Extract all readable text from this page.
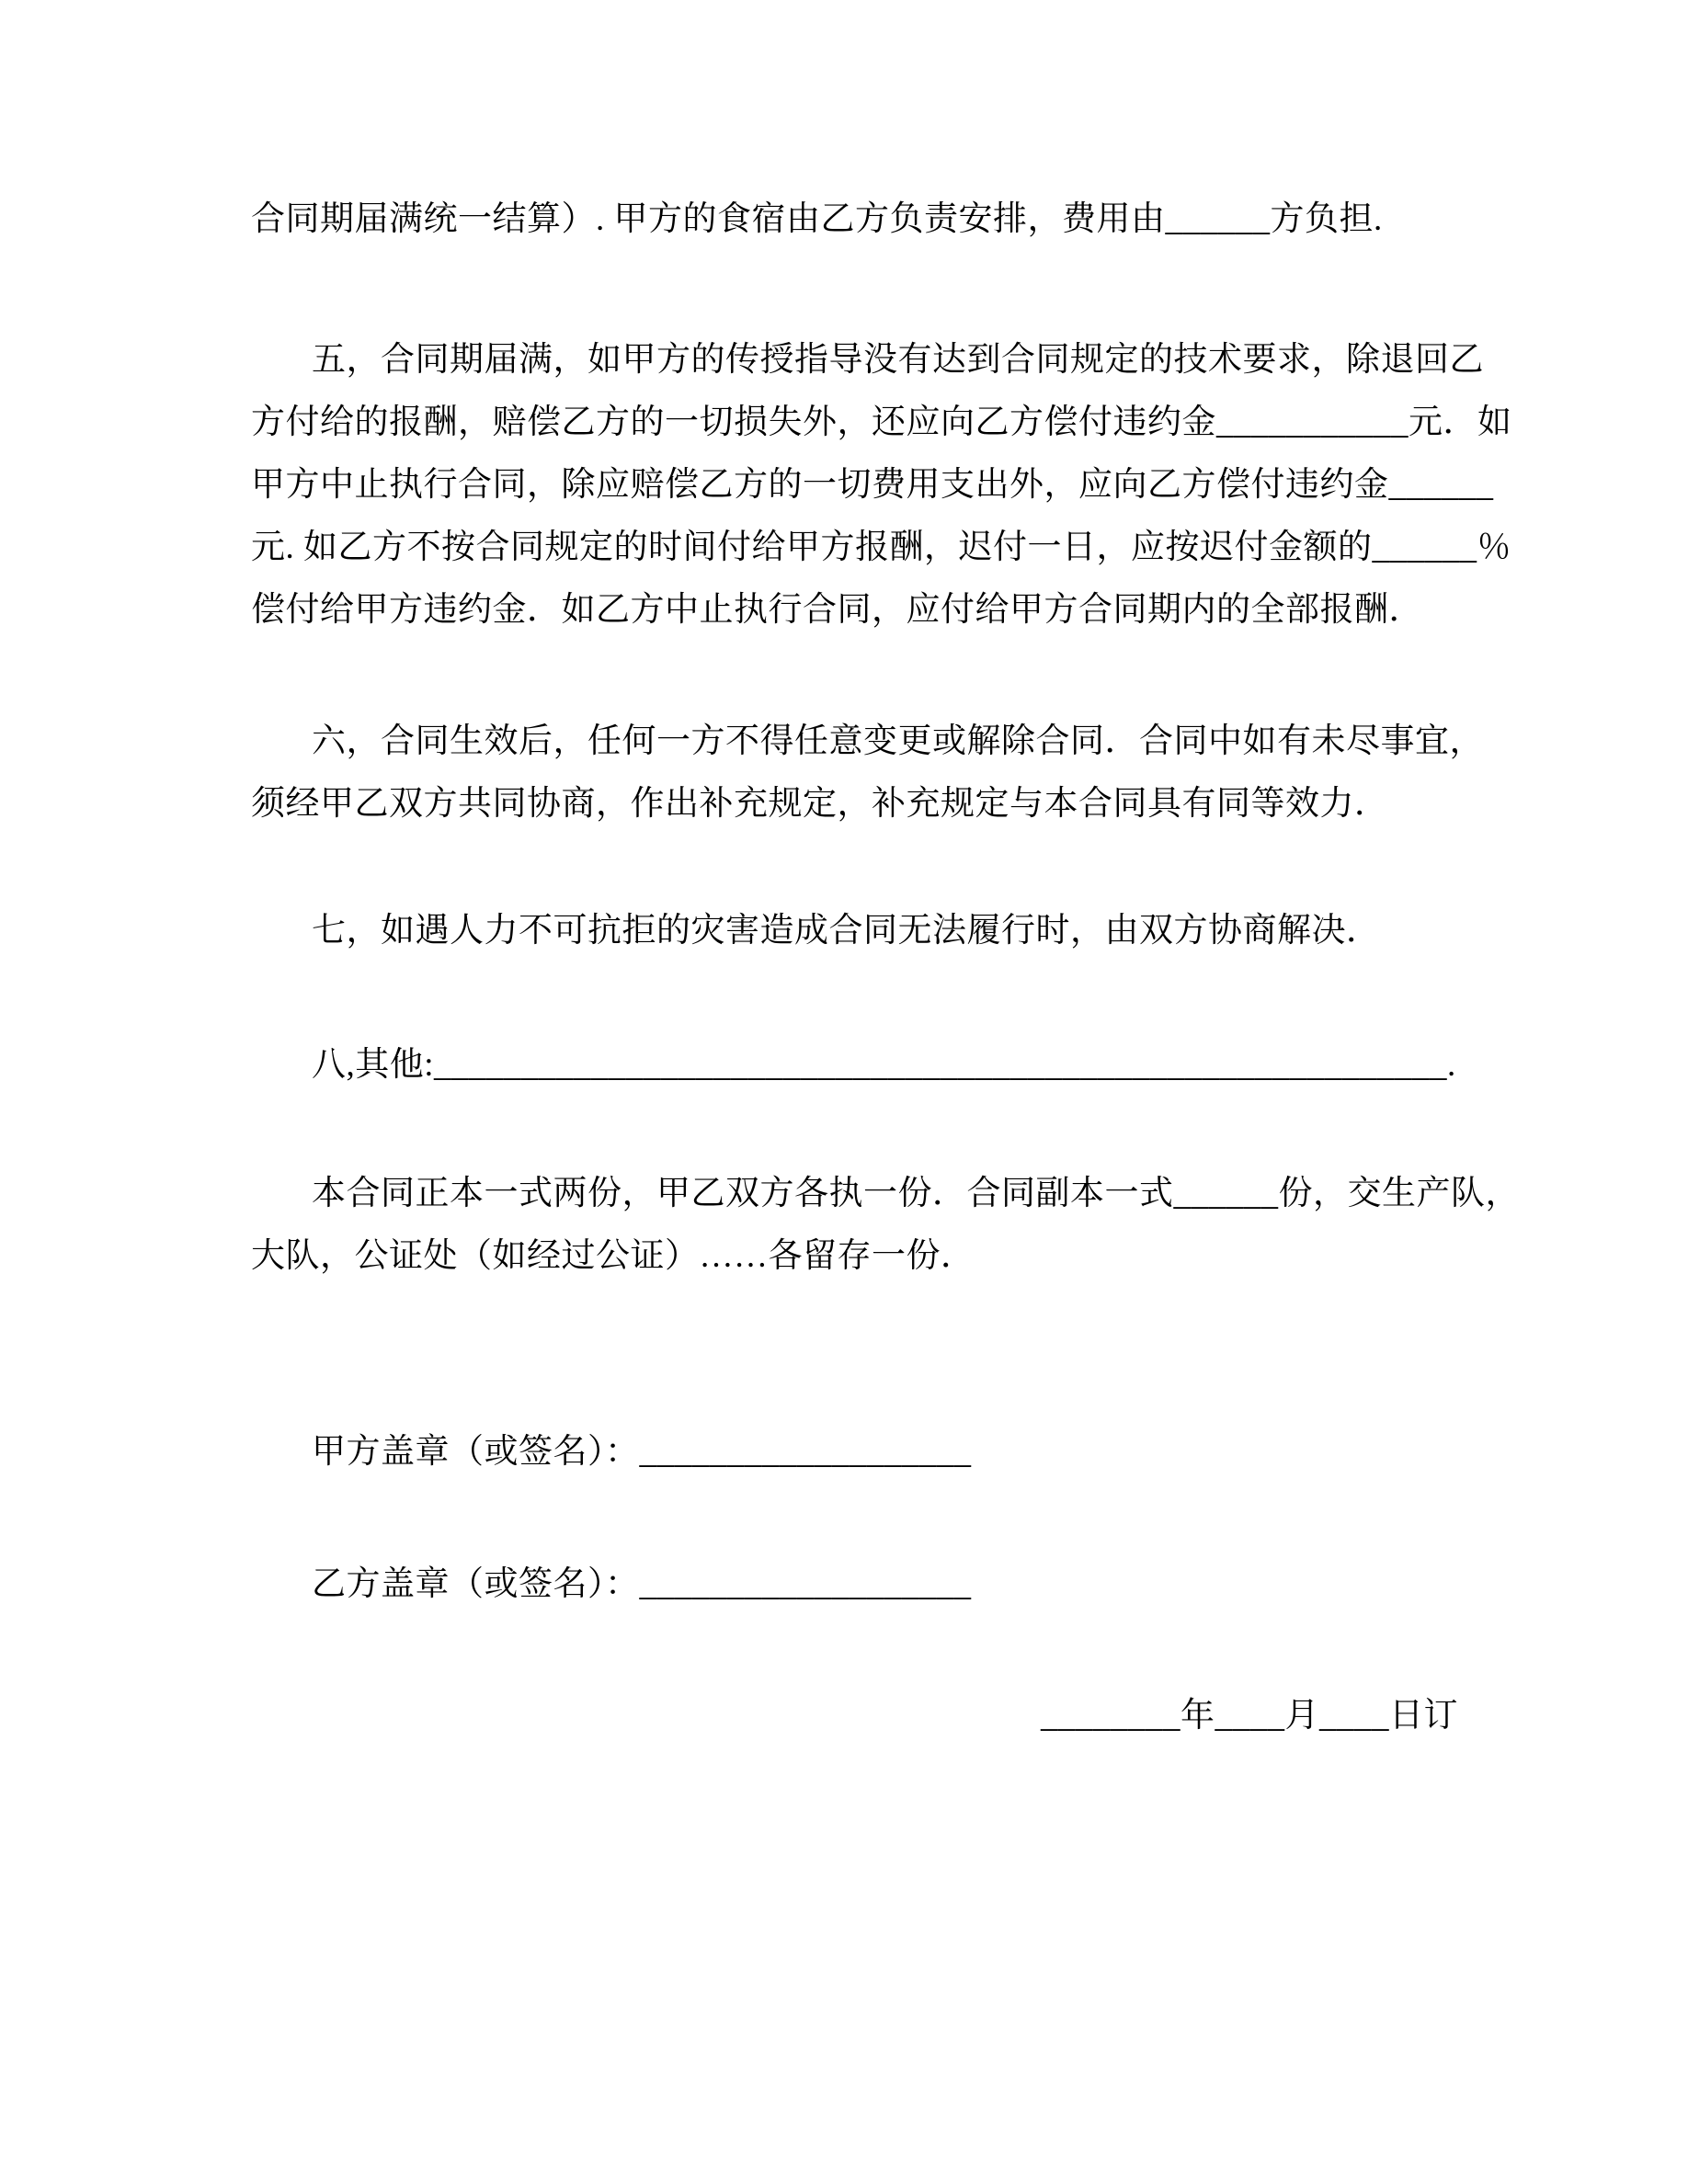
合同期届满统一结算）. 甲方的食宿由乙方负责安排，费用由______方负担.
五，合同期届满，如甲方的传授指导没有达到合同规定的技术要求，除退回乙
方付给的报酬，赔偿乙方的一切损失外，还应向乙方偿付违约金___________元．如
甲方中止执行合同，除应赔偿乙方的一切费用支出外，应向乙方偿付违约金______
元. 如乙方不按合同规定的时间付给甲方报酬，迟付一日，应按迟付金额的______％
偿付给甲方违约金．如乙方中止执行合同，应付给甲方合同期内的全部报酬．
六，合同生效后，任何一方不得任意变更或解除合同．合同中如有未尽事宜，
须经甲乙双方共同协商，作出补充规定，补充规定与本合同具有同等效力．
七，如遇人力不可抗拒的灾害造成合同无法履行时，由双方协商解决．
八,其他:__________________________________________________________.
本合同正本一式两份，甲乙双方各执一份．合同副本一式______份，交生产队，
大队，公证处（如经过公证）……各留存一份．
甲方盖章（或签名）：___________________
乙方盖章（或签名）：___________________
________年____月____日订
